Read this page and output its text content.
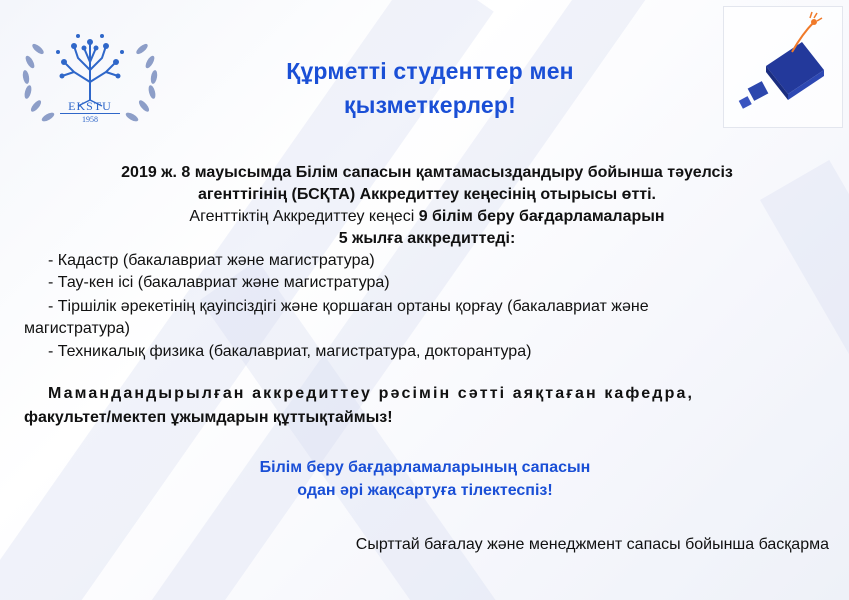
EKSTU
1958
Құрметті студенттер мен
қызметкерлер!
2019 ж. 8 мауысымда Білім сапасын қамтамасыздандыру бойынша тәуелсіз
агенттігінің (БСҚТА) Аккредиттеу кеңесінің отырысы өтті.
Агенттіктің Аккредиттеу кеңесі 9 білім беру бағдарламаларын
5 жылға аккредиттеді:
- Кадастр (бакалавриат және магистратура)
- Тау-кен ісі (бакалавриат және магистратура)
- Тіршілік әрекетінің қауіпсіздігі және қоршаған ортаны қорғау (бакалавриат және
магистратура)
- Техникалық физика (бакалавриат, магистратура, докторантура)
Мамандандырылған аккредиттеу рәсімін сәтті аяқтаған кафедра,
факультет/мектеп ұжымдарын құттықтаймыз!
Білім беру бағдарламаларының сапасын
одан әрі жақсартуға тілектеспіз!
Сырттай бағалау және менеджмент сапасы бойынша басқарма
